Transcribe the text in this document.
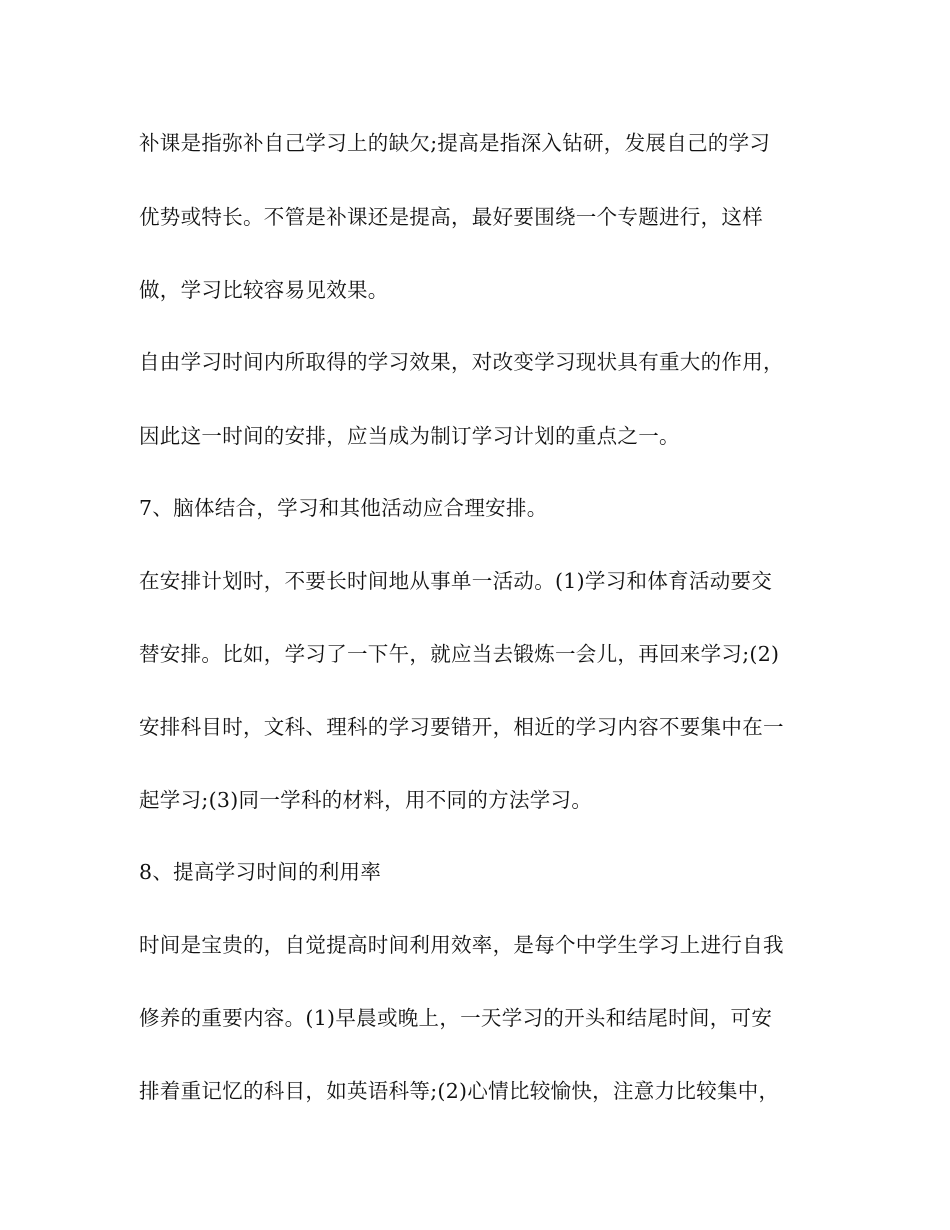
补课是指弥补自己学习上的缺欠;提高是指深入钻研，发展自己的学习
优势或特长。不管是补课还是提高，最好要围绕一个专题进行，这样
做，学习比较容易见效果。
自由学习时间内所取得的学习效果，对改变学习现状具有重大的作用，
因此这一时间的安排，应当成为制订学习计划的重点之一。
7、脑体结合，学习和其他活动应合理安排。
在安排计划时，不要长时间地从事单一活动。(1)学习和体育活动要交
替安排。比如，学习了一下午，就应当去锻炼一会儿，再回来学习;(2)
安排科目时，文科、理科的学习要错开，相近的学习内容不要集中在一
起学习;(3)同一学科的材料，用不同的方法学习。
8、提高学习时间的利用率
时间是宝贵的，自觉提高时间利用效率，是每个中学生学习上进行自我
修养的重要内容。(1)早晨或晚上，一天学习的开头和结尾时间，可安
排着重记忆的科目，如英语科等;(2)心情比较愉快，注意力比较集中，
